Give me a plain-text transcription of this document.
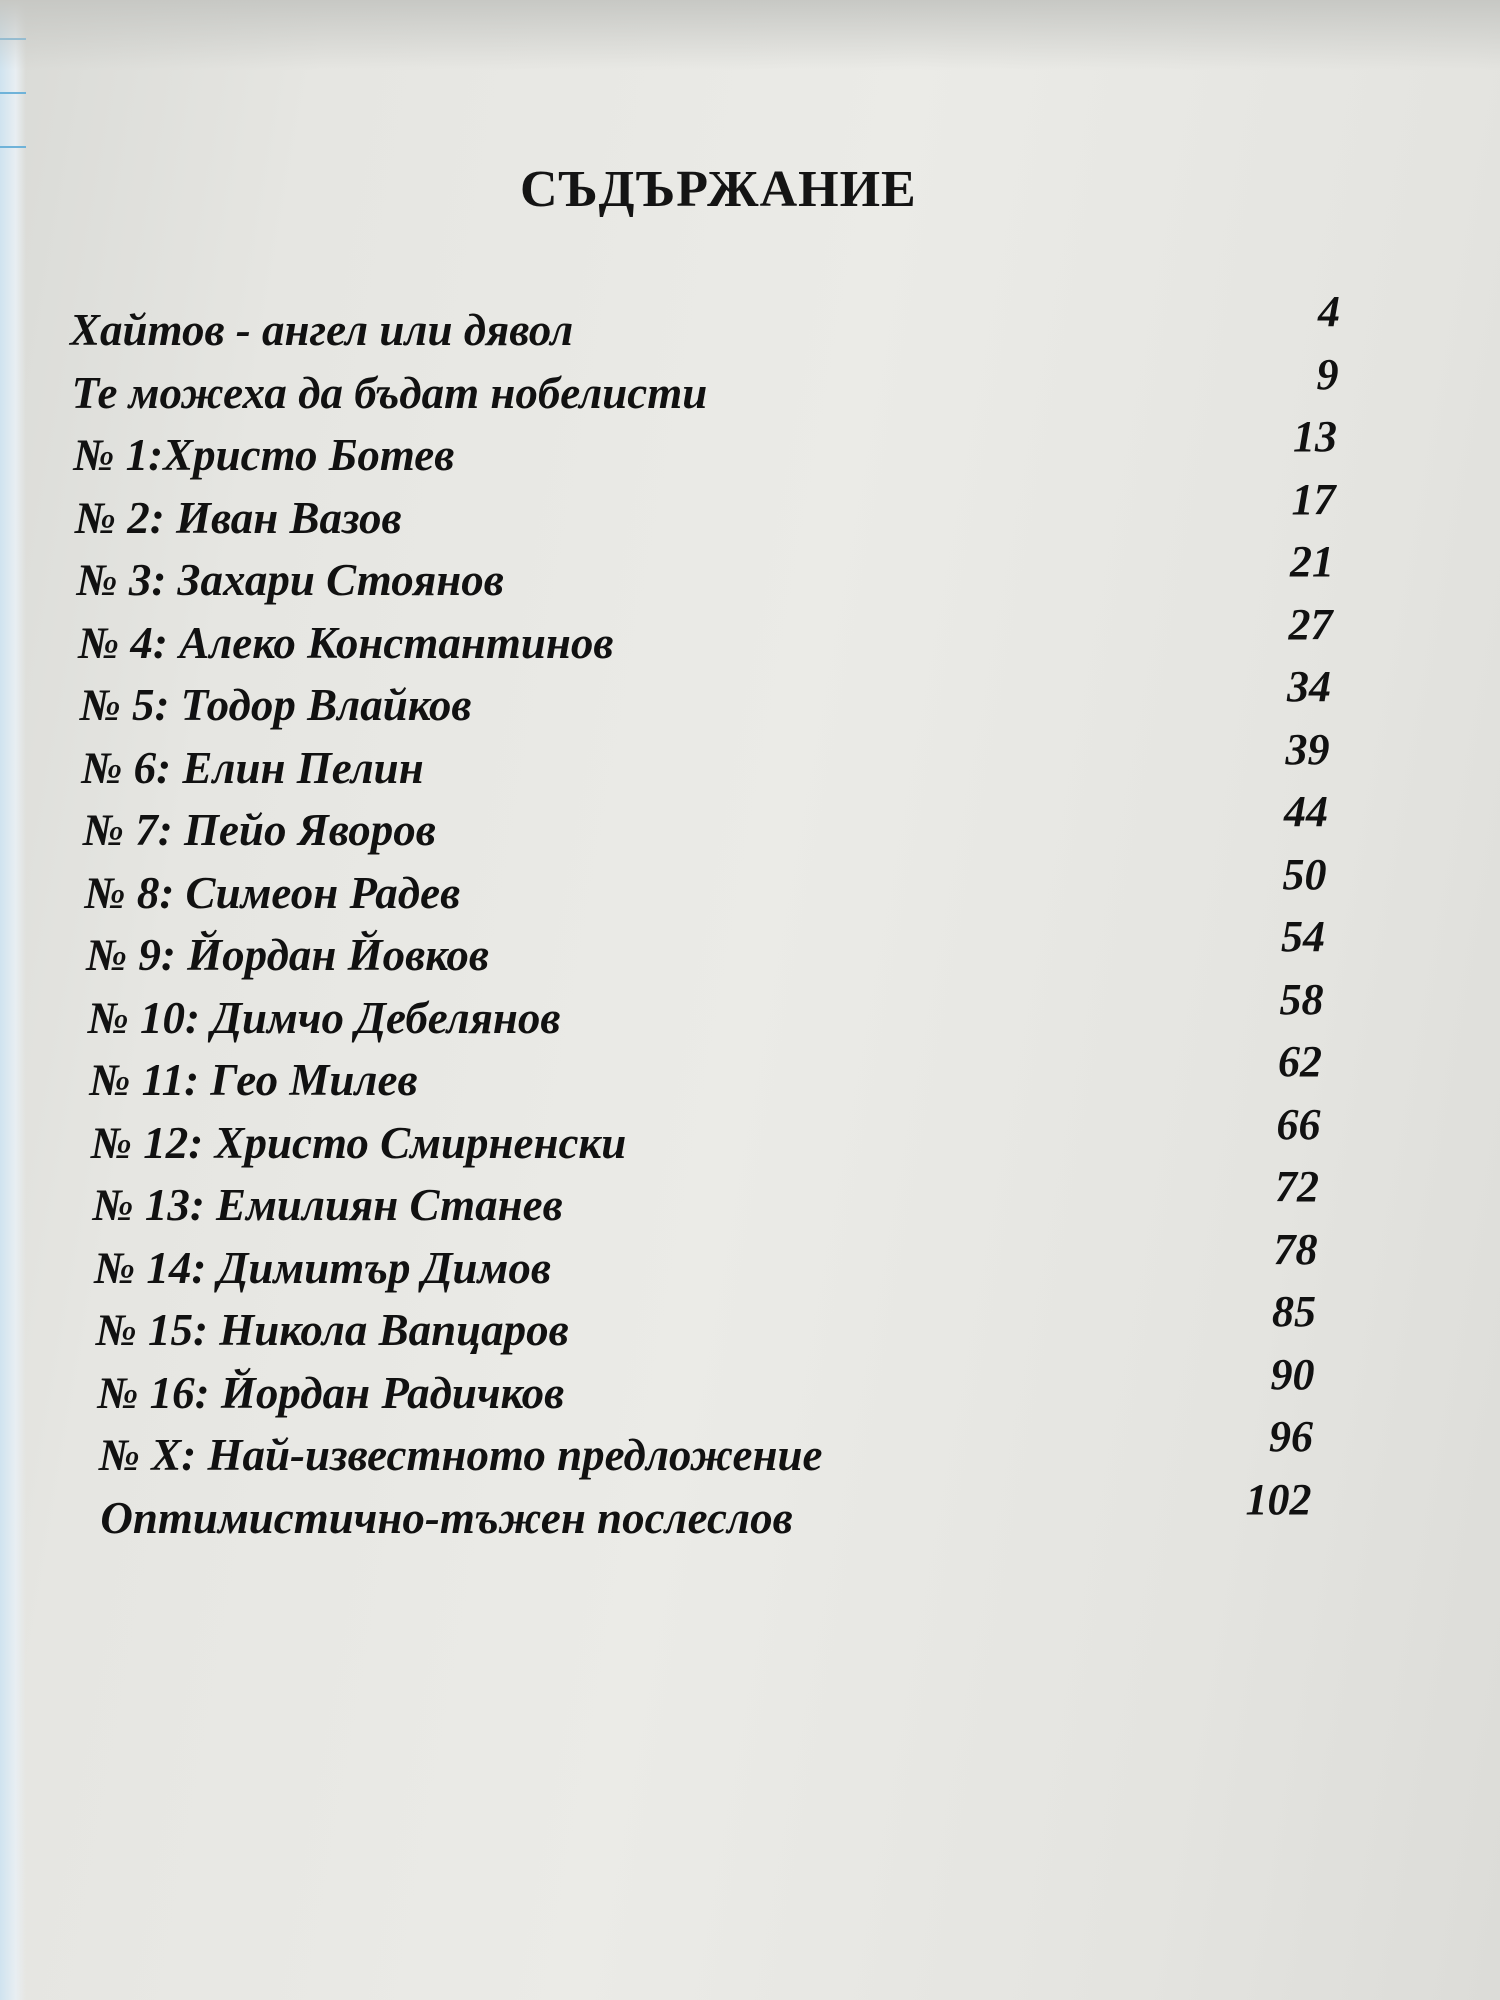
СЪДЪРЖАНИЕ
Хайтов - ангел или дявол	4
Те можеха да бъдат нобелисти	9
№ 1:Христо Ботев	13
№ 2: Иван Вазов	17
№ 3: Захари Стоянов	21
№ 4: Алеко Константинов	27
№ 5: Тодор Влайков	34
№ 6: Елин Пелин	39
№ 7: Пейо Яворов	44
№ 8: Симеон Радев	50
№ 9: Йордан Йовков	54
№ 10: Димчо Дебелянов	58
№ 11: Гео Милев	62
№ 12: Христо Смирненски	66
№ 13: Емилиян Станев	72
№ 14: Димитър Димов	78
№ 15: Никола Вапцаров	85
№ 16: Йордан Радичков	90
№ Х: Най-известното предложение	96
Оптимистично-тъжен послеслов	102
